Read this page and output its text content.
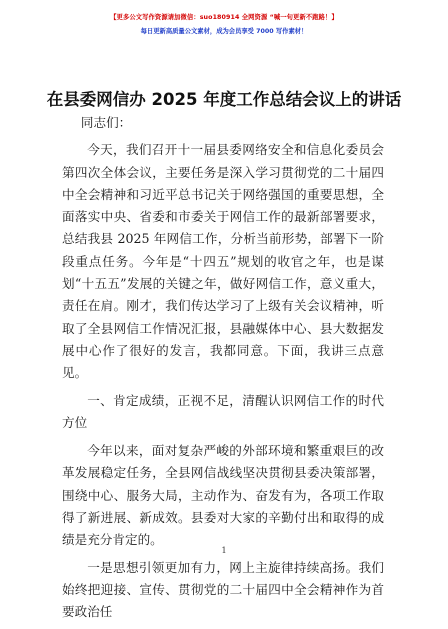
【更多公文写作资源请加微信：suo180914 全网资源 “喊一句更新不跑路！】
每日更新高质量公文素材，成为会员享受 7000 写作素材！
在县委网信办 2025 年度工作总结会议上的讲话

同志们：

今天，我们召开十一届县委网络安全和信息化委员会第四次全体会议，主要任务是深入学习贯彻党的二十届四中全会精神和习近平总书记关于网络强国的重要思想，全面落实中央、省委和市委关于网信工作的最新部署要求，总结我县 2025 年网信工作，分析当前形势，部署下一阶段重点任务。今年是“十四五”规划的收官之年，也是谋划“十五五”发展的关键之年，做好网信工作，意义重大，责任在肩。刚才，我们传达学习了上级有关会议精神，听取了全县网信工作情况汇报，县融媒体中心、县大数据发展中心作了很好的发言，我都同意。下面，我讲三点意见。

一、肯定成绩，正视不足，清醒认识网信工作的时代方位

今年以来，面对复杂严峻的外部环境和繁重艰巨的改革发展稳定任务，全县网信战线坚决贯彻县委决策部署，围绕中心、服务大局，主动作为、奋发有为，各项工作取得了新进展、新成效。县委对大家的辛勤付出和取得的成绩是充分肯定的。

一是思想引领更加有力，网上主旋律持续高扬。我们始终把迎接、宣传、贯彻党的二十届四中全会精神作为首要政治任

1
